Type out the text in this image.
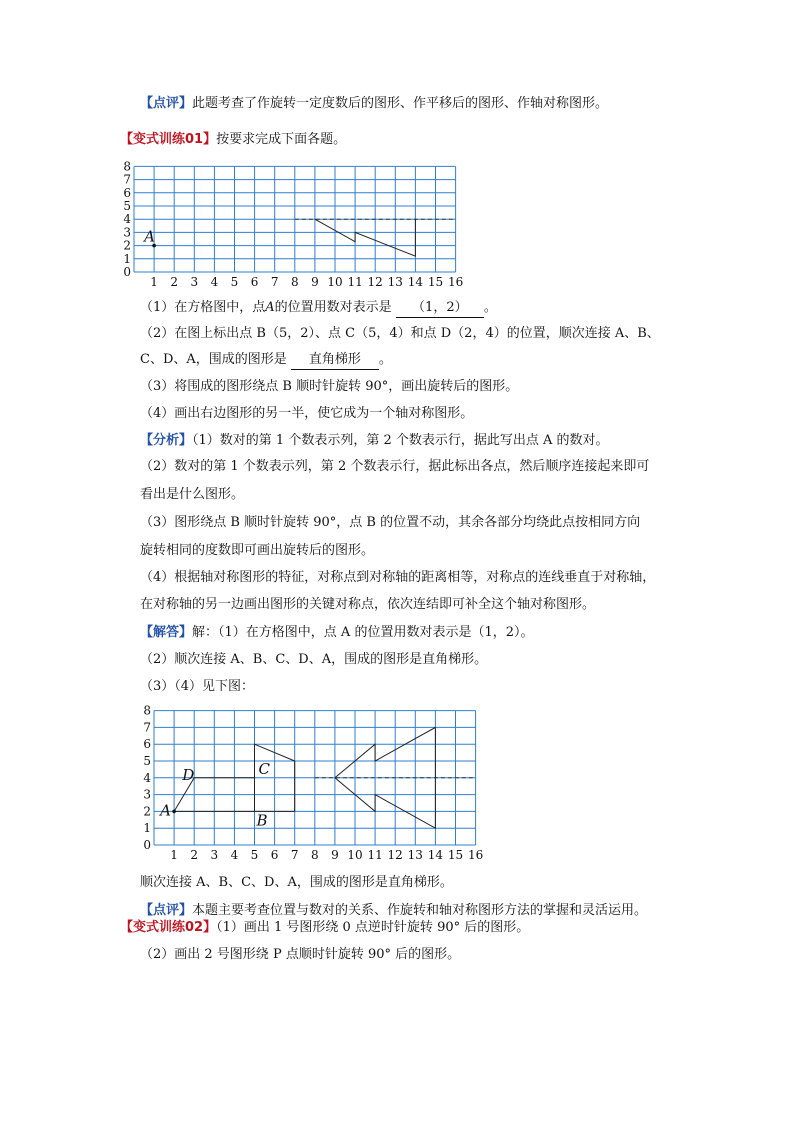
【点评】此题考查了作旋转一定度数后的图形、作平移后的图形、作轴对称图形。
【变式训练01】按要求完成下面各题。
1 2 3 4 5 6 7 8 9 10 11 12 13 14 15 16
0
1
2
3
4
5
6
7
8
A
（1）在方格图中，点A的位置用数对表示是 （1，2） 。
（2）在图上标出点 B（5，2）、点 C（5，4）和点 D（2，4）的位置，顺次连接 A、B、
C、D、A，围成的图形是 直角梯形 。
（3）将围成的图形绕点 B 顺时针旋转 90°，画出旋转后的图形。
（4）画出右边图形的另一半，使它成为一个轴对称图形。
【分析】（1）数对的第 1 个数表示列，第 2 个数表示行，据此写出点 A 的数对。
（2）数对的第 1 个数表示列，第 2 个数表示行，据此标出各点，然后顺序连接起来即可
看出是什么图形。
（3）图形绕点 B 顺时针旋转 90°，点 B 的位置不动，其余各部分均绕此点按相同方向
旋转相同的度数即可画出旋转后的图形。
（4）根据轴对称图形的特征，对称点到对称轴的距离相等，对称点的连线垂直于对称轴，
在对称轴的另一边画出图形的关键对称点，依次连结即可补全这个轴对称图形。
【解答】解：（1）在方格图中，点 A 的位置用数对表示是（1，2）。
（2）顺次连接 A、B、C、D、A，围成的图形是直角梯形。
（3）（4）见下图：
1 2 3 4 5 6 7 8 9 10 11 12 13 14 15 16
0
1
2
3
4
5
6
7
8
A
B
C
D
顺次连接 A、B、C、D、A，围成的图形是直角梯形。
【点评】本题主要考查位置与数对的关系、作旋转和轴对称图形方法的掌握和灵活运用。
【变式训练02】（1）画出 1 号图形绕 0 点逆时针旋转 90° 后的图形。
（2）画出 2 号图形绕 P 点顺时针旋转 90° 后的图形。
